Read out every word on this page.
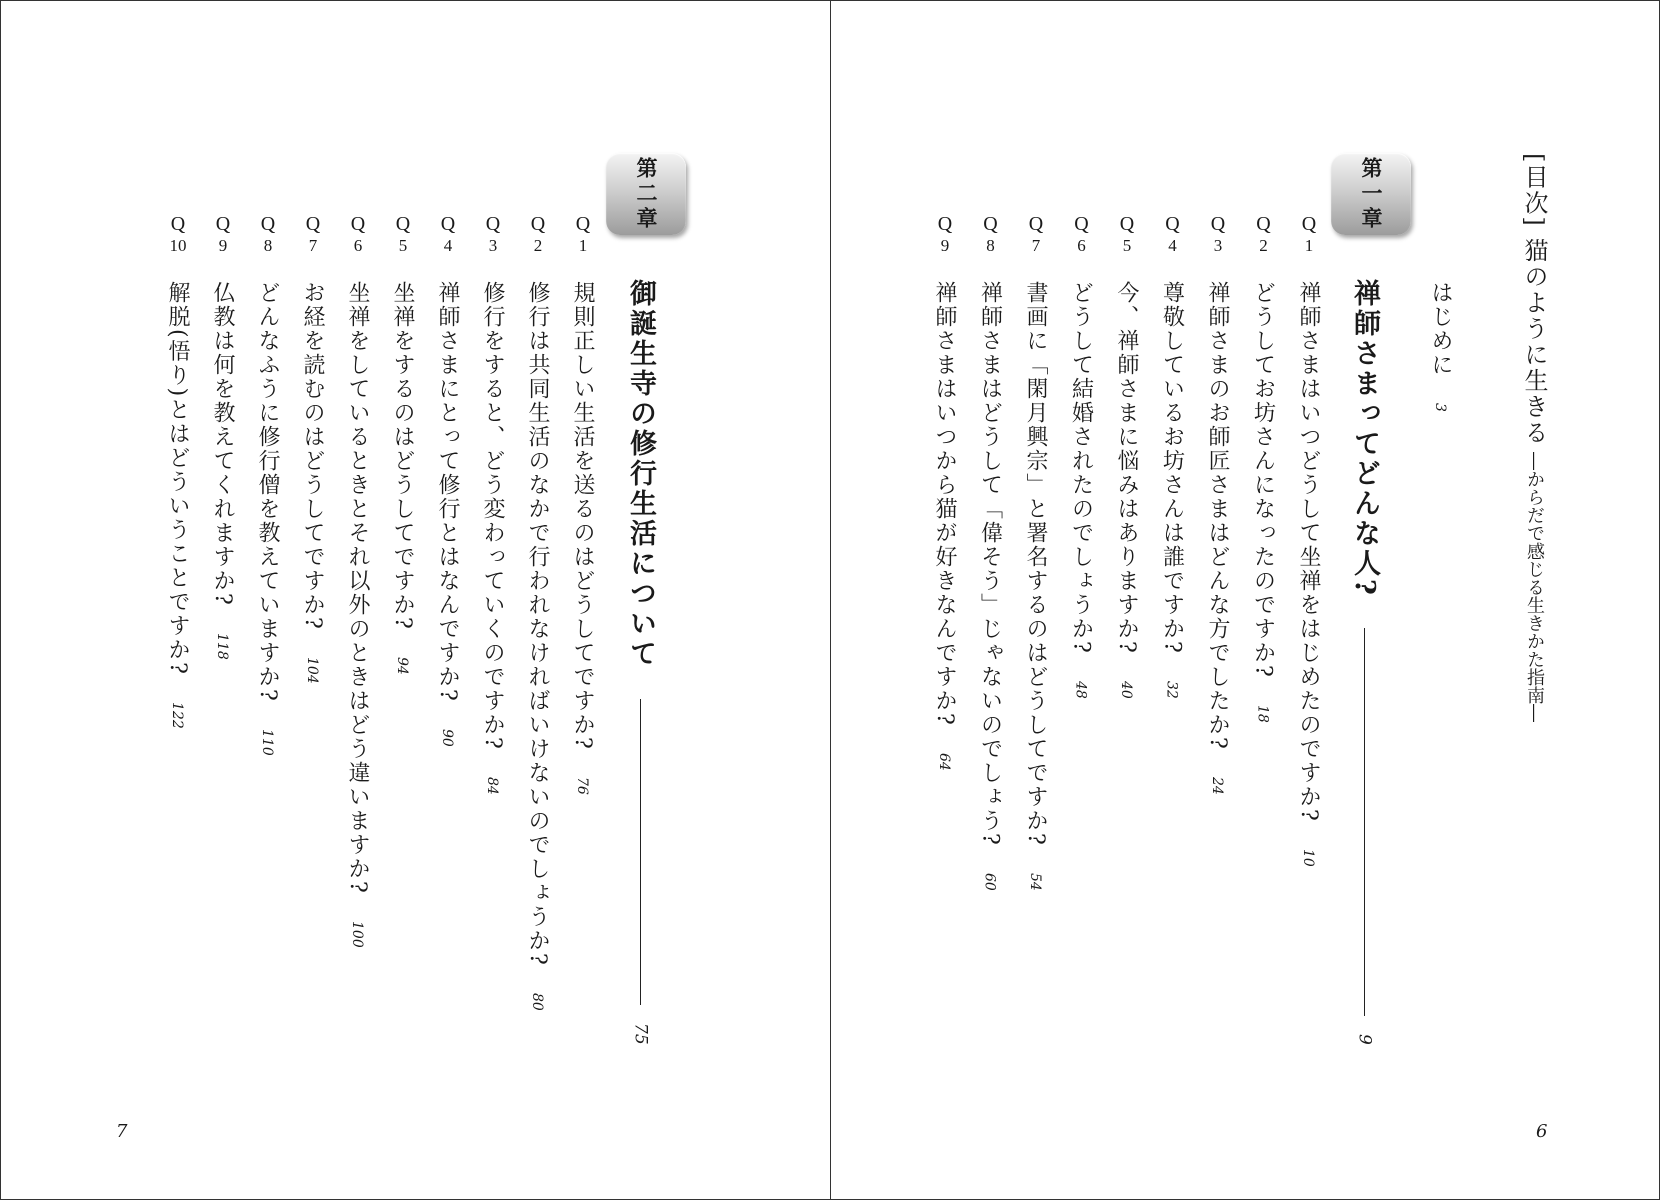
[目次]猫のように生きる―からだで感じる生きかた指南―
はじめに3
第一章
禅師さまってどんな人?
9
Q
1
禅師さまはいつどうして坐禅をはじめたのですか?10
Q
2
どうしてお坊さんになったのですか?18
Q
3
禅師さまのお師匠さまはどんな方でしたか?24
Q
4
尊敬しているお坊さんは誰ですか?32
Q
5
今、禅師さまに悩みはありますか?40
Q
6
どうして結婚されたのでしょうか?48
Q
7
書画に「閑月興宗」と署名するのはどうしてですか?54
Q
8
禅師さまはどうして「偉そう」じゃないのでしょう?60
Q
9
禅師さまはいつから猫が好きなんですか?64
第二章
御誕生寺の修行生活について
75
Q
1
規則正しい生活を送るのはどうしてですか?76
Q
2
修行は共同生活のなかで行われなければいけないのでしょうか?80
Q
3
修行をすると、どう変わっていくのですか?84
Q
4
禅師さまにとって修行とはなんですか?90
Q
5
坐禅をするのはどうしてですか?94
Q
6
坐禅をしているときとそれ以外のときはどう違いますか?100
Q
7
お経を読むのはどうしてですか?104
Q
8
どんなふうに修行僧を教えていますか?110
Q
9
仏教は何を教えてくれますか?118
Q
10
解脱(悟り)とはどういうことですか?122
6
7
